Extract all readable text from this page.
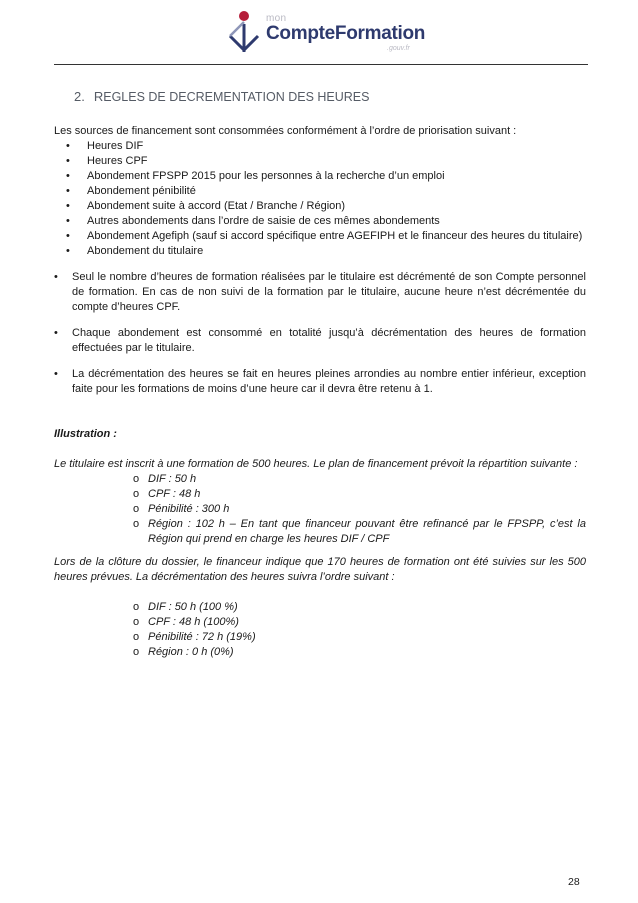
mon
CompteFormation
.gouv.fr
2. REGLES DE DECREMENTATION DES HEURES

Les sources de financement sont consommées conformément à l’ordre de priorisation suivant :

• Heures DIF
• Heures CPF
• Abondement FPSPP 2015 pour les personnes à la recherche d’un emploi
• Abondement pénibilité
• Abondement suite à accord (Etat / Branche / Région)
• Autres abondements dans l’ordre de saisie de ces mêmes abondements
• Abondement Agefiph (sauf si accord spécifique entre AGEFIPH et le financeur des heures du titulaire)
• Abondement du titulaire
• Seul le nombre d’heures de formation réalisées par le titulaire est décrémenté de son Compte personnel de formation. En cas de non suivi de la formation par le titulaire, aucune heure n’est décrémentée du compte d’heures CPF.
• Chaque abondement est consommé en totalité jusqu’à décrémentation des heures de formation effectuées par le titulaire.
• La décrémentation des heures se fait en heures pleines arrondies au nombre entier inférieur, exception faite pour les formations de moins d’une heure car il devra être retenu à 1.

Illustration :

Le titulaire est inscrit à une formation de 500 heures. Le plan de financement prévoit la répartition suivante :

o DIF : 50 h
o CPF : 48 h
o Pénibilité : 300 h
o Région : 102 h – En tant que financeur pouvant être refinancé par le FPSPP, c’est la Région qui prend en charge les heures DIF / CPF

Lors de la clôture du dossier, le financeur indique que 170 heures de formation ont été suivies sur les 500 heures prévues. La décrémentation des heures suivra l’ordre suivant :

o DIF : 50 h (100 %)
o CPF : 48 h (100%)
o Pénibilité : 72 h (19%)
o Région : 0 h (0%)
28
